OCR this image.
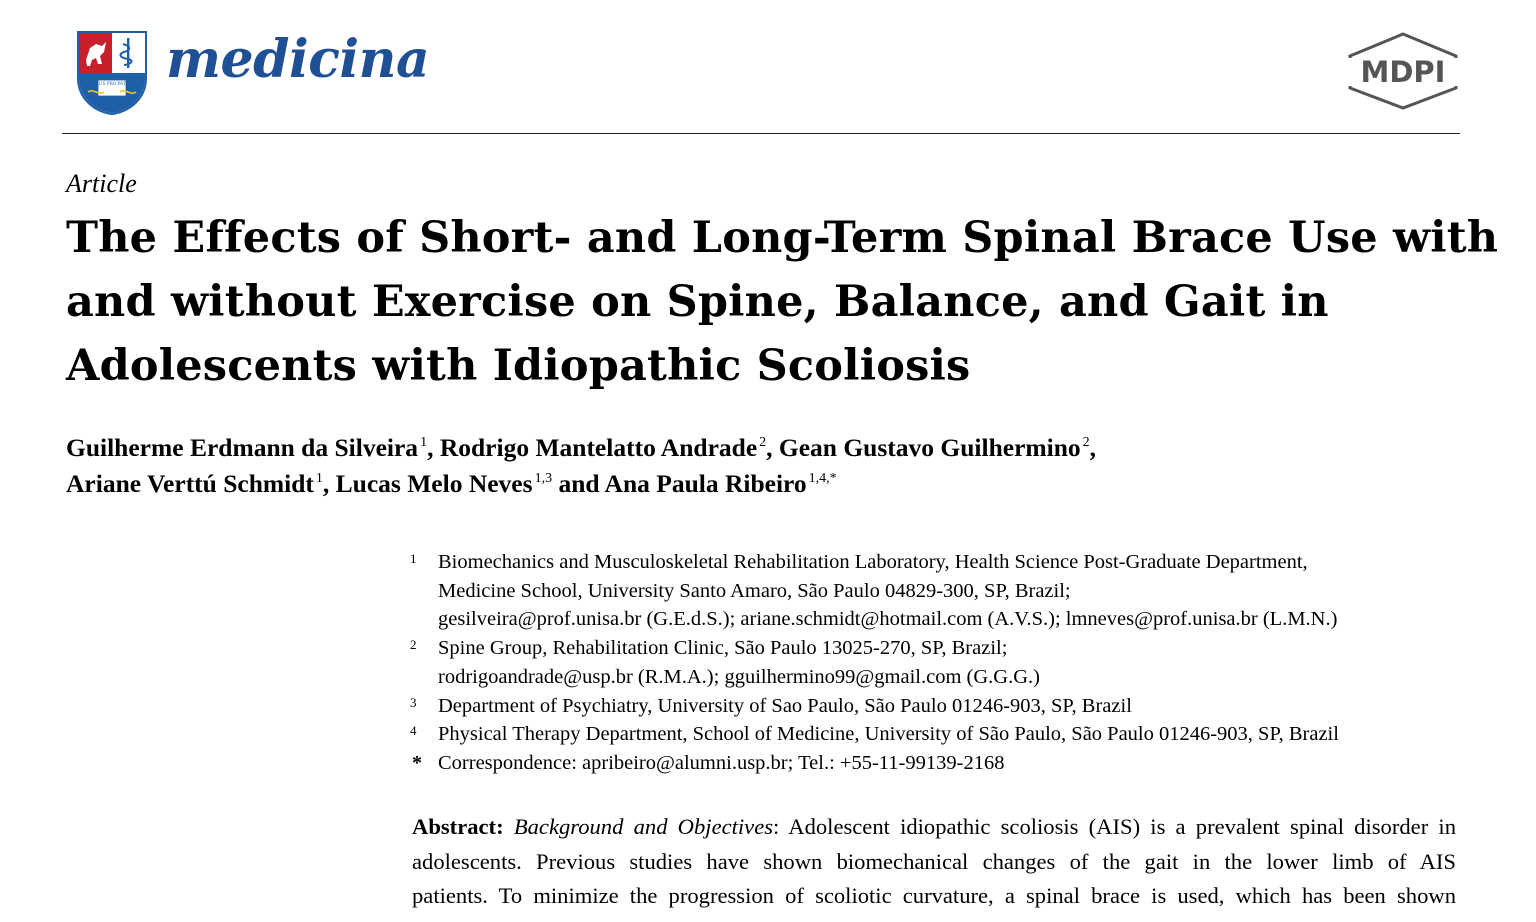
SALUS PRO PATRIA medicina	MDPI
Article
The Effects of Short- and Long-Term Spinal Brace Use with
and without Exercise on Spine, Balance, and Gait in
Adolescents with Idiopathic Scoliosis
Guilherme Erdmann da Silveira $^1$, Rodrigo Mantelatto Andrade $^2$, Gean Gustavo Guilhermino $^2$,
Ariane Verttú Schmidt $^1$, Lucas Melo Neves $^{1,3}$ and Ana Paula Ribeiro $^{1,4,*}$
1 Biomechanics and Musculoskeletal Rehabilitation Laboratory, Health Science Post-Graduate Department,
Medicine School, University Santo Amaro, São Paulo 04829-300, SP, Brazil;
gesilveira@prof.unisa.br (G.E.d.S.); ariane.schmidt@hotmail.com (A.V.S.); lmneves@prof.unisa.br (L.M.N.)
2 Spine Group, Rehabilitation Clinic, São Paulo 13025-270, SP, Brazil;
rodrigoandrade@usp.br (R.M.A.); gguilhermino99@gmail.com (G.G.G.)
3 Department of Psychiatry, University of Sao Paulo, São Paulo 01246-903, SP, Brazil
4 Physical Therapy Department, School of Medicine, University of São Paulo, São Paulo 01246-903, SP, Brazil
* Correspondence: apribeiro@alumni.usp.br; Tel.: +55-11-99139-2168
Abstract: Background and Objectives: Adolescent idiopathic scoliosis (AIS) is a prevalent spinal disorder in
adolescents. Previous studies have shown biomechanical changes of the gait in the lower limb of AIS
patients. To minimize the progression of scoliotic curvature, a spinal brace is used, which has been shown
